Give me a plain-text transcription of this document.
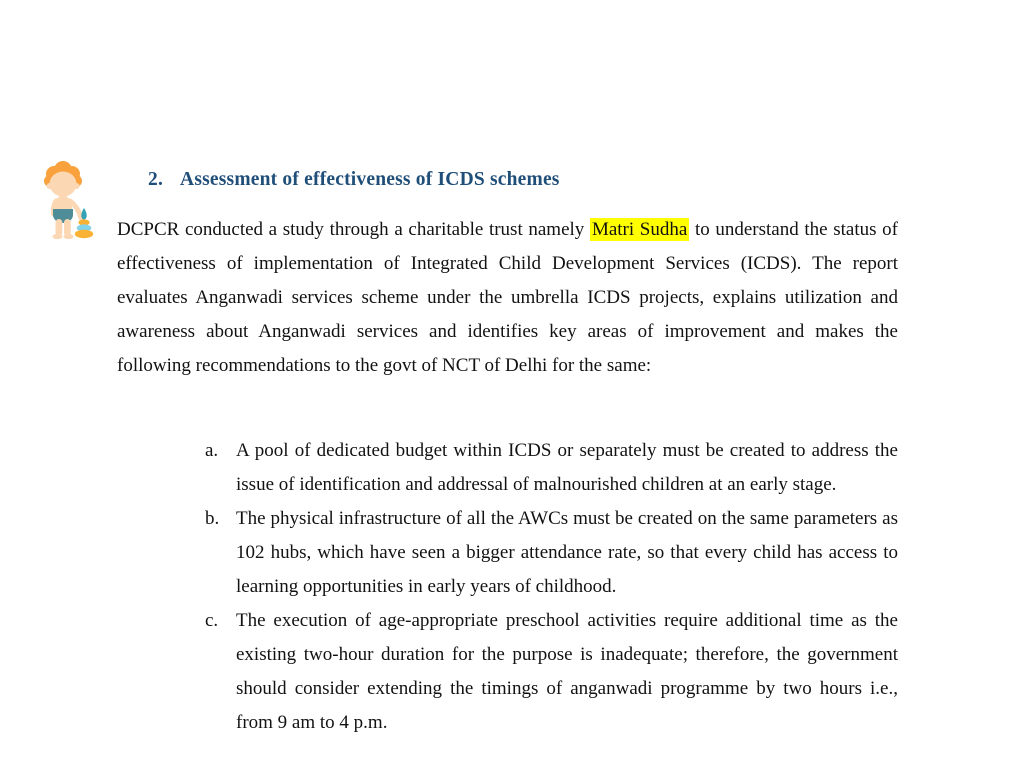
2. Assessment of effectiveness of ICDS schemes
DCPCR conducted a study through a charitable trust namely Matri Sudha to understand the status of effectiveness of implementation of Integrated Child Development Services (ICDS). The report evaluates Anganwadi services scheme under the umbrella ICDS projects, explains utilization and awareness about Anganwadi services and identifies key areas of improvement and makes the following recommendations to the govt of NCT of Delhi for the same:
a. A pool of dedicated budget within ICDS or separately must be created to address the issue of identification and addressal of malnourished children at an early stage.
b. The physical infrastructure of all the AWCs must be created on the same parameters as 102 hubs, which have seen a bigger attendance rate, so that every child has access to learning opportunities in early years of childhood.
c. The execution of age-appropriate preschool activities require additional time as the existing two-hour duration for the purpose is inadequate; therefore, the government should consider extending the timings of anganwadi programme by two hours i.e., from 9 am to 4 p.m.
